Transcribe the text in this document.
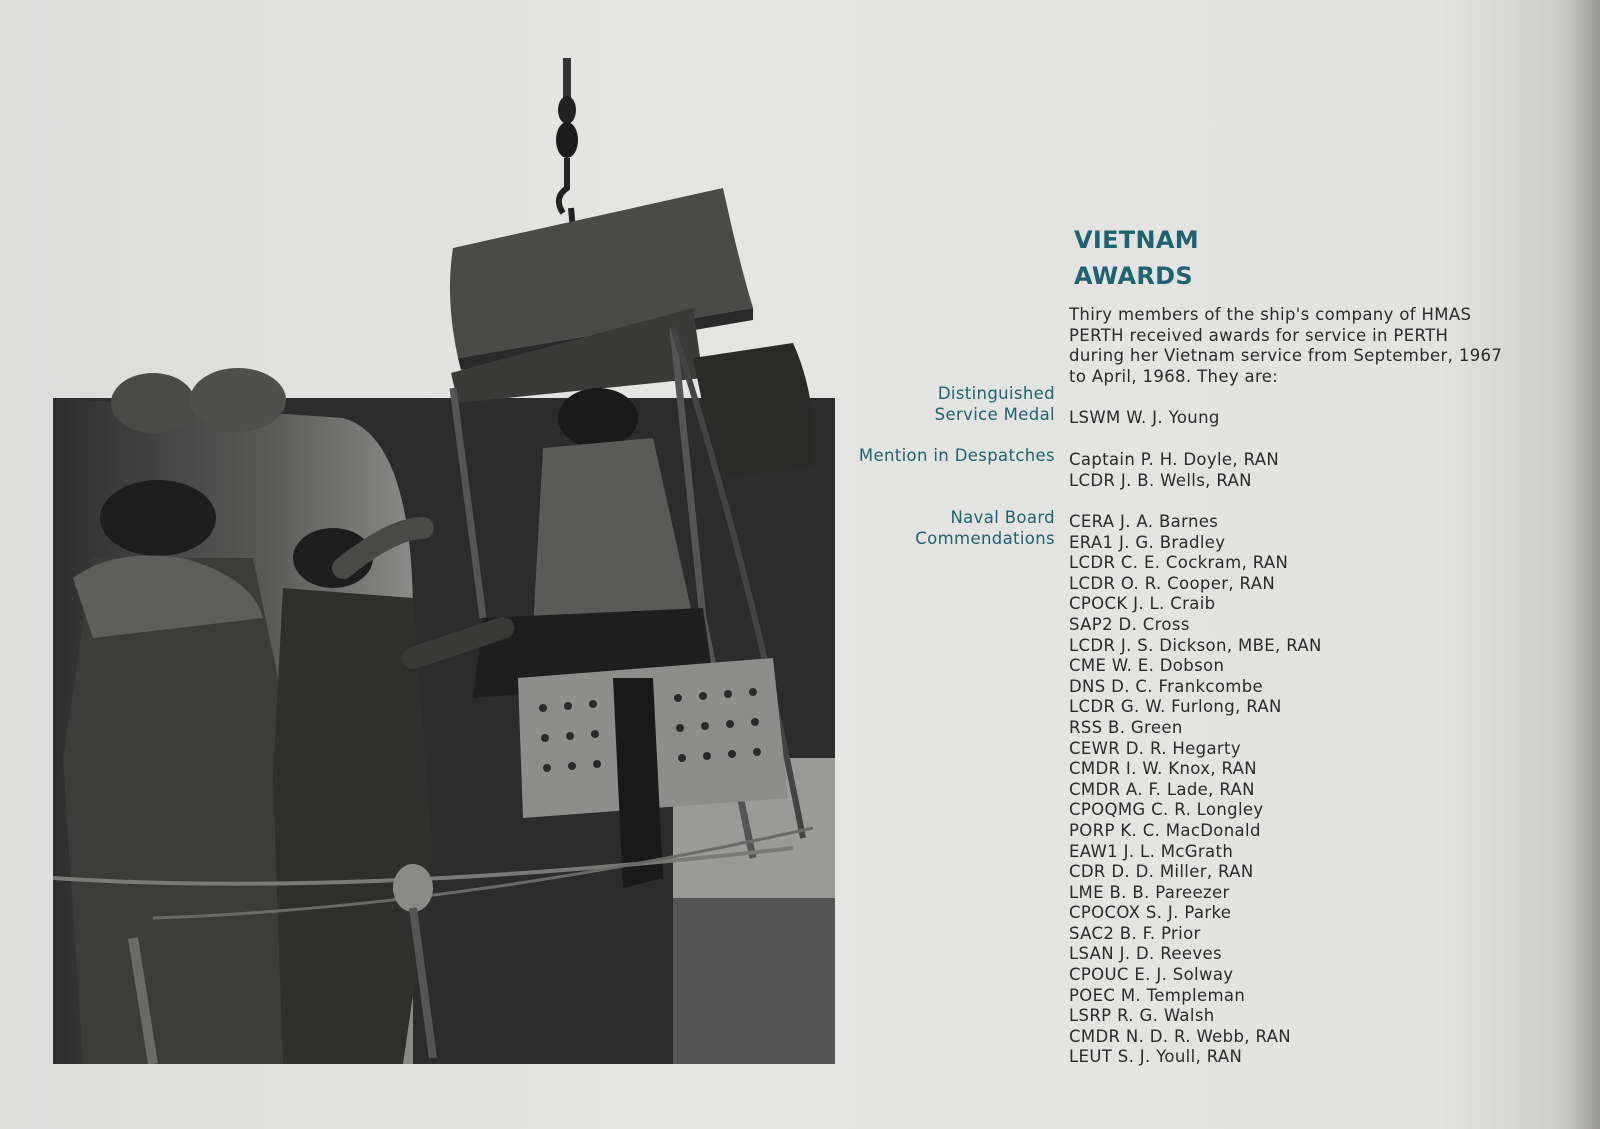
VIETNAM
AWARDS

Thiry members of the ship's company of HMAS PERTH received awards for service in PERTH during her Vietnam service from September, 1967 to April, 1968. They are:

Distinguished
Service Medal LSWM W. J. Young
Mention in Despatches Captain P. H. Doyle, RAN
LCDR J. B. Wells, RAN
Naval Board
Commendations
CERA J. A. Barnes
ERA1 J. G. Bradley
LCDR C. E. Cockram, RAN
LCDR O. R. Cooper, RAN
CPOCK J. L. Craib
SAP2 D. Cross
LCDR J. S. Dickson, MBE, RAN
CME W. E. Dobson
DNS D. C. Frankcombe
LCDR G. W. Furlong, RAN
RSS B. Green
CEWR D. R. Hegarty
CMDR I. W. Knox, RAN
CMDR A. F. Lade, RAN
CPOQMG C. R. Longley
PORP K. C. MacDonald
EAW1 J. L. McGrath
CDR D. D. Miller, RAN
LME B. B. Pareezer
CPOCOX S. J. Parke
SAC2 B. F. Prior
LSAN J. D. Reeves
CPOUC E. J. Solway
POEC M. Templeman
LSRP R. G. Walsh
CMDR N. D. R. Webb, RAN
LEUT S. J. Youll, RAN
